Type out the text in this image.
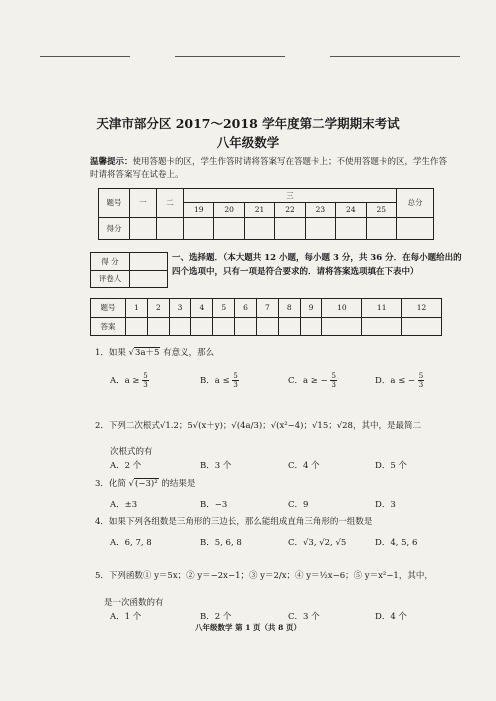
天津市部分区 2017～2018 学年度第二学期期末考试
八年级数学
温馨提示：使用答题卡的区，学生作答时请将答案写在答题卡上；不使用答题卡的区，学生作答时请将答案写在试卷上。
题号	一	二	三							总分
			19	20	21	22	23	24	25	
得分										
得 分	
评卷人	
一、选择题．（本大题共 12 小题，每小题 3 分，共 36 分．在每小题给出的四个选项中，只有一项是符合要求的．请将答案选项填在下表中）
题号	1	2	3	4	5	6	7	8	9	10	11	12
答案												
1．如果 √3a＋5 有意义，那么
A．$a \ge \frac{5}{3}$	B．$a \le \frac{5}{3}$	C．a ≥ − $\frac{5}{3}$	D．a ≤ − $\frac{5}{3}$
2．下列二次根式√1.2；5√(x＋y)；√(4a/3)；√(x²−4)；√15；√28，其中，是最简二
次根式的有
A．2 个	B．3 个	C．4 个	D．5 个
3．化简 √(−3)² 的结果是
A．±3	B．−3	C．9	D．3
4．如果下列各组数是三角形的三边长，那么能组成直角三角形的一组数是
A．6, 7, 8	B．5, 6, 8	C．√3, √2, √5	D．4, 5, 6
5．下列函数① y＝5x；② y＝−2x−1；③ y＝2/x；④ y＝½x−6；⑤ y＝x²−1，其中，
是一次函数的有
A．1 个	B．2 个	C．3 个	D．4 个
八年级数学 第 1 页（共 8 页）
